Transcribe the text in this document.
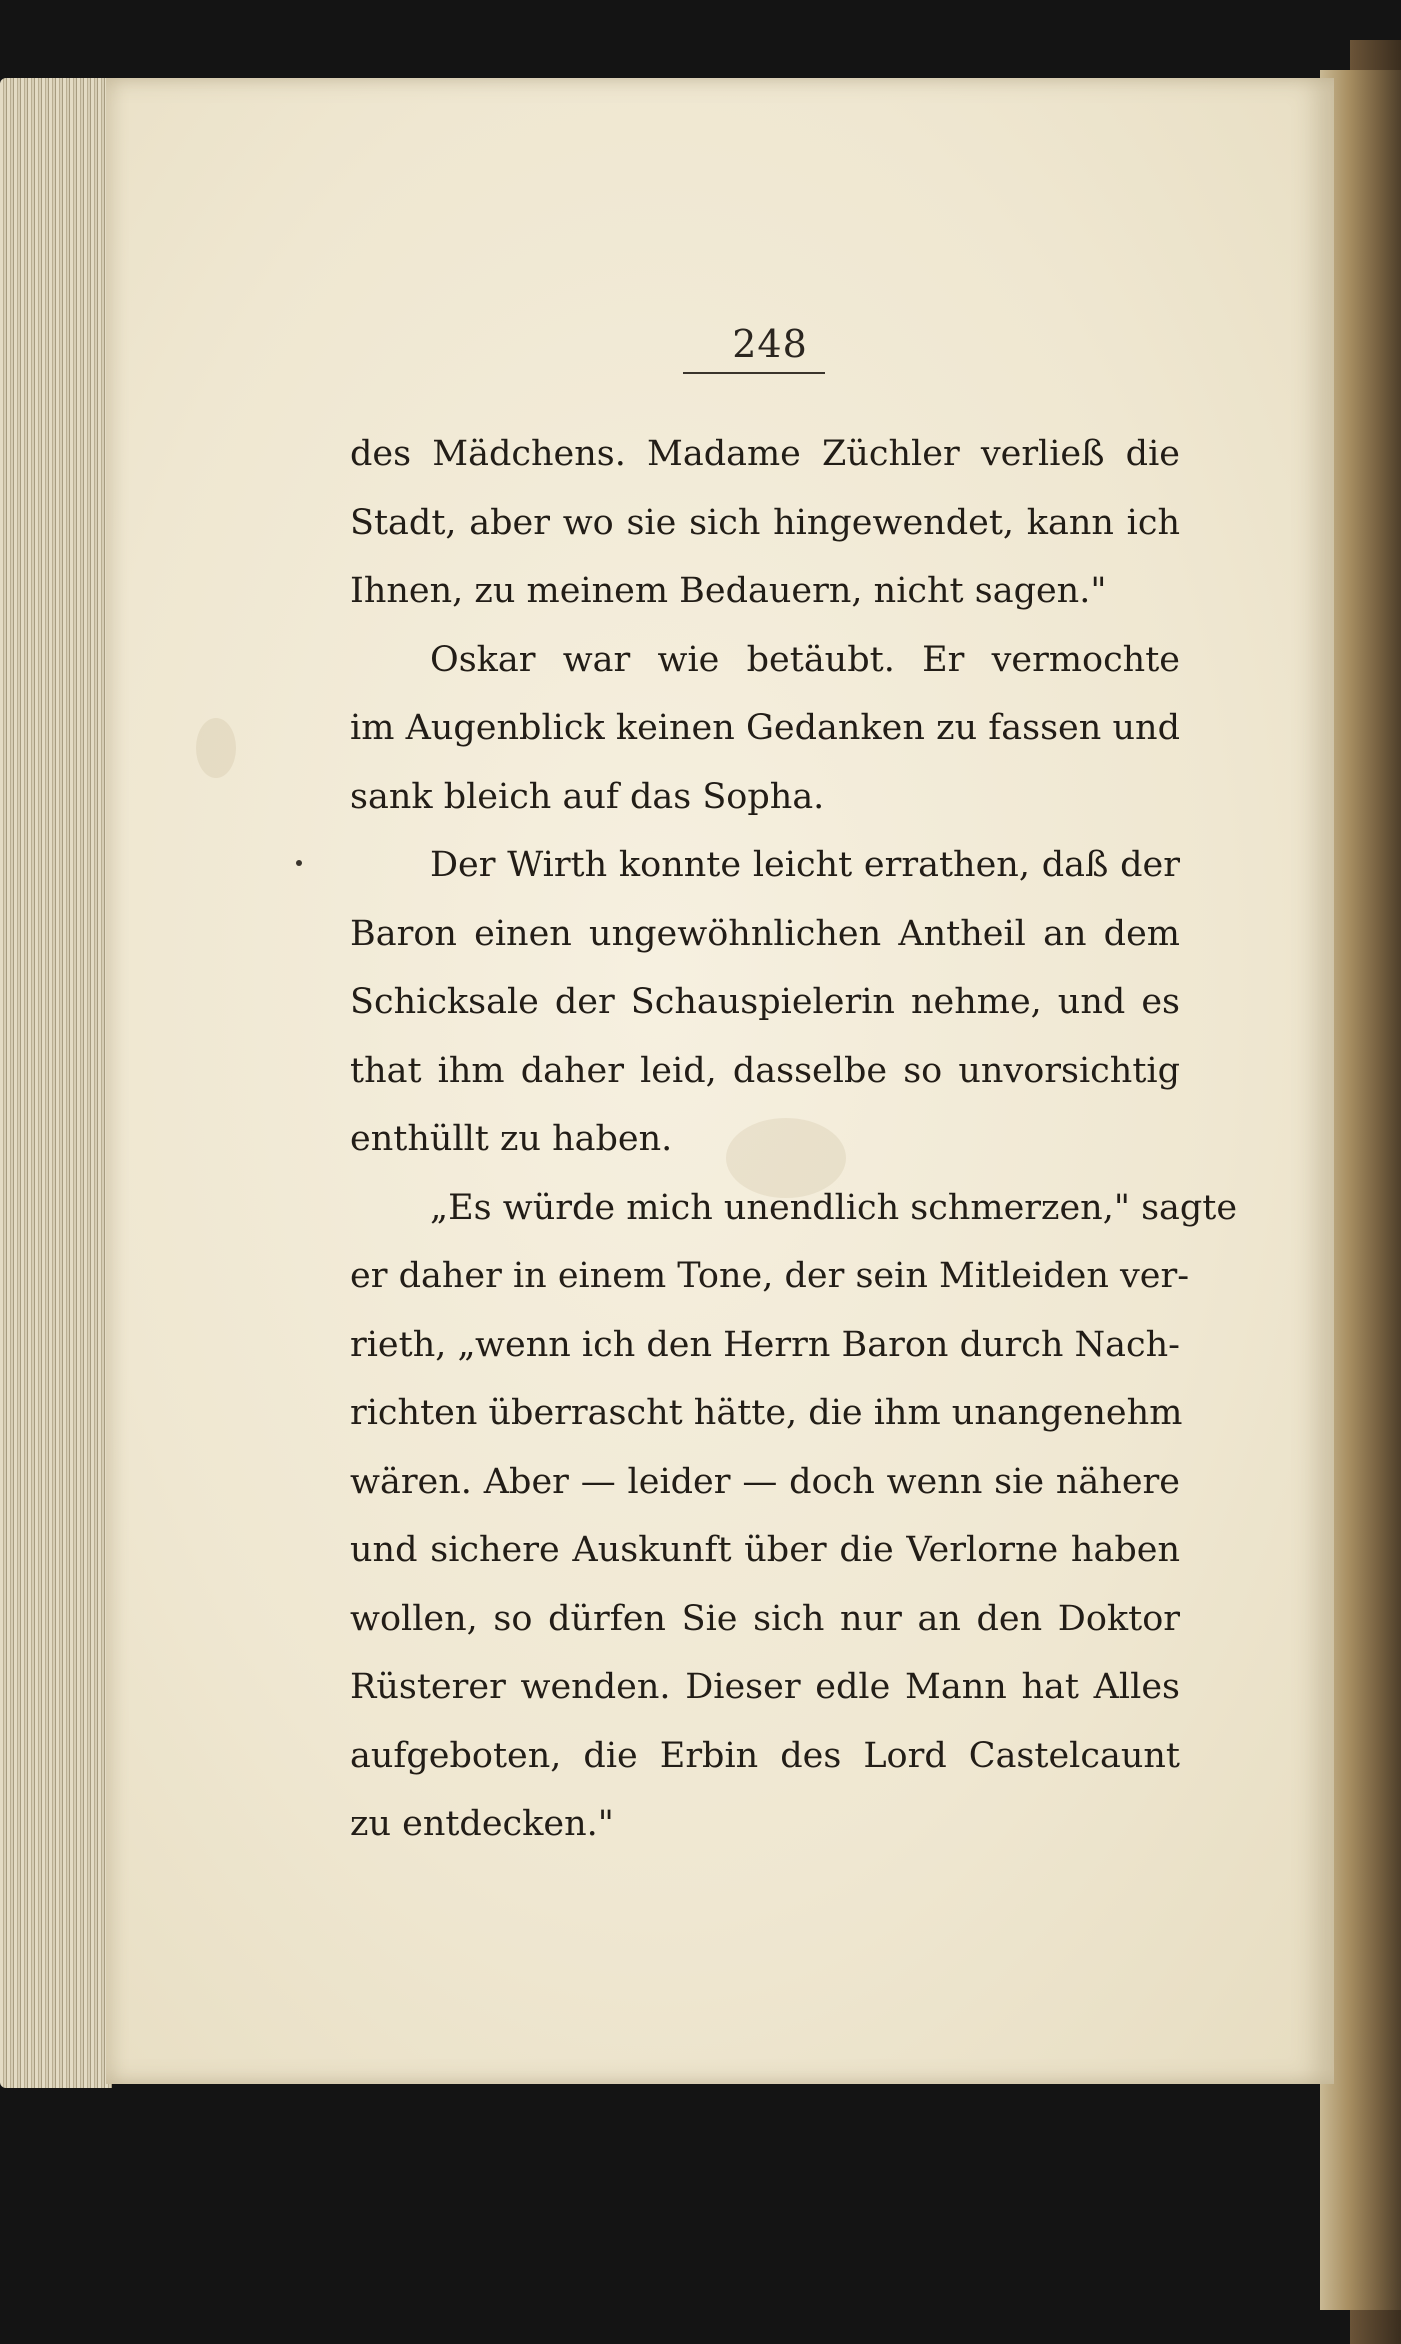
248
des Mädchens. Madame Züchler verließ die
Stadt, aber wo sie sich hingewendet, kann ich
Ihnen, zu meinem Bedauern, nicht sagen."
Oskar war wie betäubt. Er vermochte
im Augenblick keinen Gedanken zu fassen und
sank bleich auf das Sopha.
Der Wirth konnte leicht errathen, daß der
Baron einen ungewöhnlichen Antheil an dem
Schicksale der Schauspielerin nehme, und es
that ihm daher leid, dasselbe so unvorsichtig
enthüllt zu haben.
„Es würde mich unendlich schmerzen," sagte
er daher in einem Tone, der sein Mitleiden ver-
rieth, „wenn ich den Herrn Baron durch Nach-
richten überrascht hätte, die ihm unangenehm
wären. Aber — leider — doch wenn sie nähere
und sichere Auskunft über die Verlorne haben
wollen, so dürfen Sie sich nur an den Doktor
Rüsterer wenden. Dieser edle Mann hat Alles
aufgeboten, die Erbin des Lord Castelcaunt
zu entdecken."
